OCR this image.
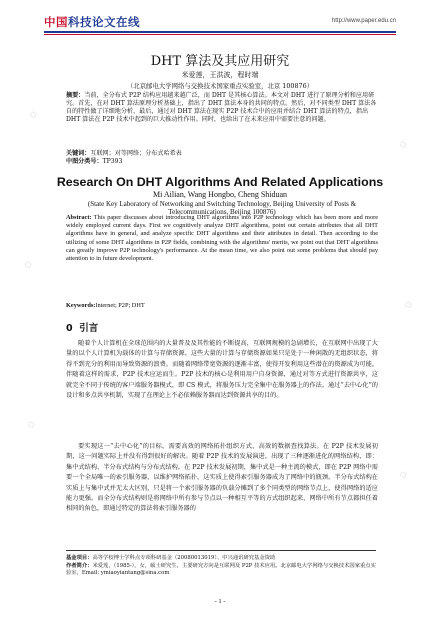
中国科技论文在线	http://www.paper.edu.cn
DHT 算法及其应用研究
米爱莲，王洪波，程时端
（北京邮电大学网络与交换技术国家重点实验室，北京 100876）
摘要：当前，全分布式 P2P 结构应用越来越广泛，而 DHT 是其核心算法。本文对 DHT 进行了原理分析和应用研究。首先，在对 DHT 算法原理分析基础上，指出了 DHT 算法本身的共同的特点。然后，对不同类型 DHT 算法各自的特性做了详细地分析、最后，通过对 DHT 算法在现实 P2P 技术合中的应用并结合 DHT 算法的特点，指出 DHT 算法在 P2P 技术中起到的巨大推动性作用。同时，也给出了在未来应用中需要注意的问题。
关键词：互联网；对等网络；分布式哈希表
中图分类号：TP393
Research On DHT Algorithms And Related Applications
Mi Ailian, Wang Hongbo, Cheng Shiduan
(State Key Laboratory of Networking and Switching Technology, Beijing University of Posts & Telecommunications, Beijing 100876)
Abstract: This paper discusses about introducing DHT algorithms into P2P technology which has been more and more widely employed current days. First we cognitively analyze DHT algorithms, point out certain attributes that all DHT algorithms have in general, and analyze specific DHT algorithms and their attributes in detail. Then according to the utilizing of some DHT algorithms in P2P fields, combining with the algorithms' merits, we point out that DHT algorithms can greatly improve P2P technology's performance. At the mean time, we also point out some problems that should pay attention to in future development.
Keywords:Internet; P2P; DHT
0 引言
随着个人计算机在全球范围内的大量普及及其性能的不断提高，互联网规模的急剧增长，在互联网中出现了大量的以个人计算机为载体的计算与存储资源。这些大量的计算与存储资源如果只是处于一种闲散的无组织状态，将得不到充分的利用而导致资源的浪费。而随着网络带宽资源的逐渐丰富，使得开发利用这些潜在的资源成为可能。伴随着这样的需求，P2P 技术应运而生。P2P 技术的核心是利用用户自身资源，通过对等方式进行资源共享，这就完全不同于传统的客户端服务器模式，即 CS 模式，将服务压力完全集中在服务器上的作法。通过“去中心化”的设计和多点共享机制，实现了在理论上不必依赖服务器而达到资源共享的目的。
要实现这一“去中心化”的目标，需要高效的网络拓扑组织方式、高效的数据查找算法。在 P2P 技术发展初期，这一问题实际上并没有得到很好的解决。随着 P2P 技术的发展演进，出现了三种逐渐进化的网络结构，即：集中式结构、半分布式结构与分布式结构。在 P2P 技术发展初期，集中式是一种主流的模式，即在 P2P 网络中需要一个全局唯一的索引服务器，以维护网络拓扑，这实质上使得索引服务器成为了网络中的瓶颈。半分布式结构在实质上与集中式并无太大区别，只是将一个索引服务器的负载分摊到了多个同类型的网络节点上，使得网络的适应能力更强。而全分布式结构则是将网络中所有参与节点以一种相互平等的方式组织起来，网络中所有节点都担任着相同的角色，即通过特定的算法将索引服务器的
基金项目：高等学校博士学科点专项科研基金（20080013019）、中兴通讯研究基金资助
作者简介：米爱莲，（1985-），女，硕士研究生，主要研究方向是互联网及 P2P 技术应用。北京邮电大学网络与交换技术国家重点实验室，Email: ymiaoyiantang@sina.com
- 1 -
◇
◇
◇
◇
◇
◇
